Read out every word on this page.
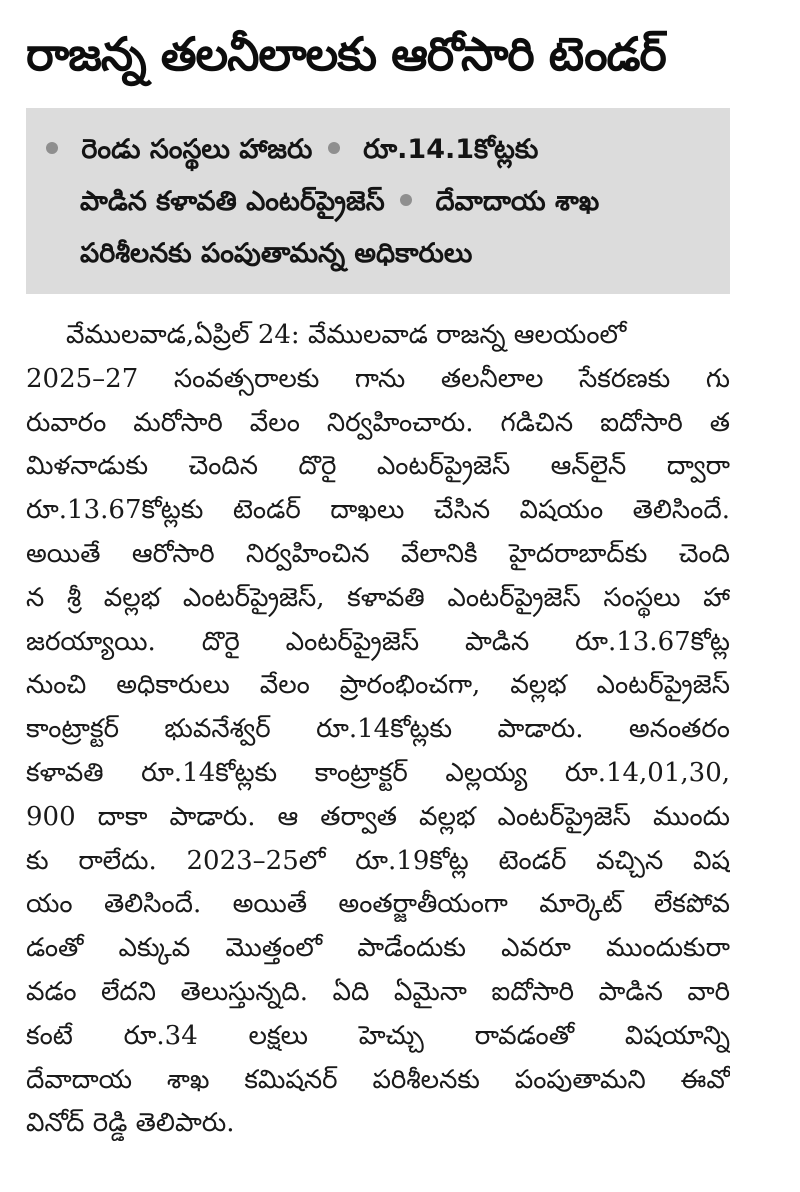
రాజన్న తలనీలాలకు ఆరోసారి టెండర్
రెండు సంస్థలు హాజరు రూ.14.1కోట్లకు
పాడిన కళావతి ఎంటర్‌ప్రైజెస్ దేవాదాయ శాఖ
పరిశీలనకు పంపుతామన్న అధికారులు
వేములవాడ,ఏప్రిల్ 24: వేములవాడ రాజన్న ఆలయంలో
2025–27 సంవత్సరాలకు గాను తలనీలాల సేకరణకు గు
రువారం మరోసారి వేలం నిర్వహించారు. గడిచిన ఐదోసారి త
మిళనాడుకు చెందిన దొరై ఎంటర్‌ప్రైజెస్ ఆన్‌లైన్ ద్వారా
రూ.13.67కోట్లకు టెండర్ దాఖలు చేసిన విషయం తెలిసిందే.
అయితే ఆరోసారి నిర్వహించిన వేలానికి హైదరాబాద్‌కు చెంది
న శ్రీ వల్లభ ఎంటర్‌ప్రైజెస్, కళావతి ఎంటర్‌ప్రైజెస్ సంస్థలు హా
జరయ్యాయి. దొరై ఎంటర్‌ప్రైజెస్ పాడిన రూ.13.67కోట్ల
నుంచి అధికారులు వేలం ప్రారంభించగా, వల్లభ ఎంటర్‌ప్రైజెస్
కాంట్రాక్టర్ భువనేశ్వర్ రూ.14కోట్లకు పాడారు. అనంతరం
కళావతి రూ.14కోట్లకు కాంట్రాక్టర్ ఎల్లయ్య రూ.14,01,30,
900 దాకా పాడారు. ఆ తర్వాత వల్లభ ఎంటర్‌ప్రైజెస్ ముందు
కు రాలేదు. 2023–25లో రూ.19కోట్ల టెండర్ వచ్చిన విష
యం తెలిసిందే. అయితే అంతర్జాతీయంగా మార్కెట్ లేకపోవ
డంతో ఎక్కువ మొత్తంలో పాడేందుకు ఎవరూ ముందుకురా
వడం లేదని తెలుస్తున్నది. ఏది ఏమైనా ఐదోసారి పాడిన వారి
కంటే రూ.34 లక్షలు హెచ్చు రావడంతో విషయాన్ని
దేవాదాయ శాఖ కమిషనర్ పరిశీలనకు పంపుతామని ఈవో
వినోద్ రెడ్డి తెలిపారు.
